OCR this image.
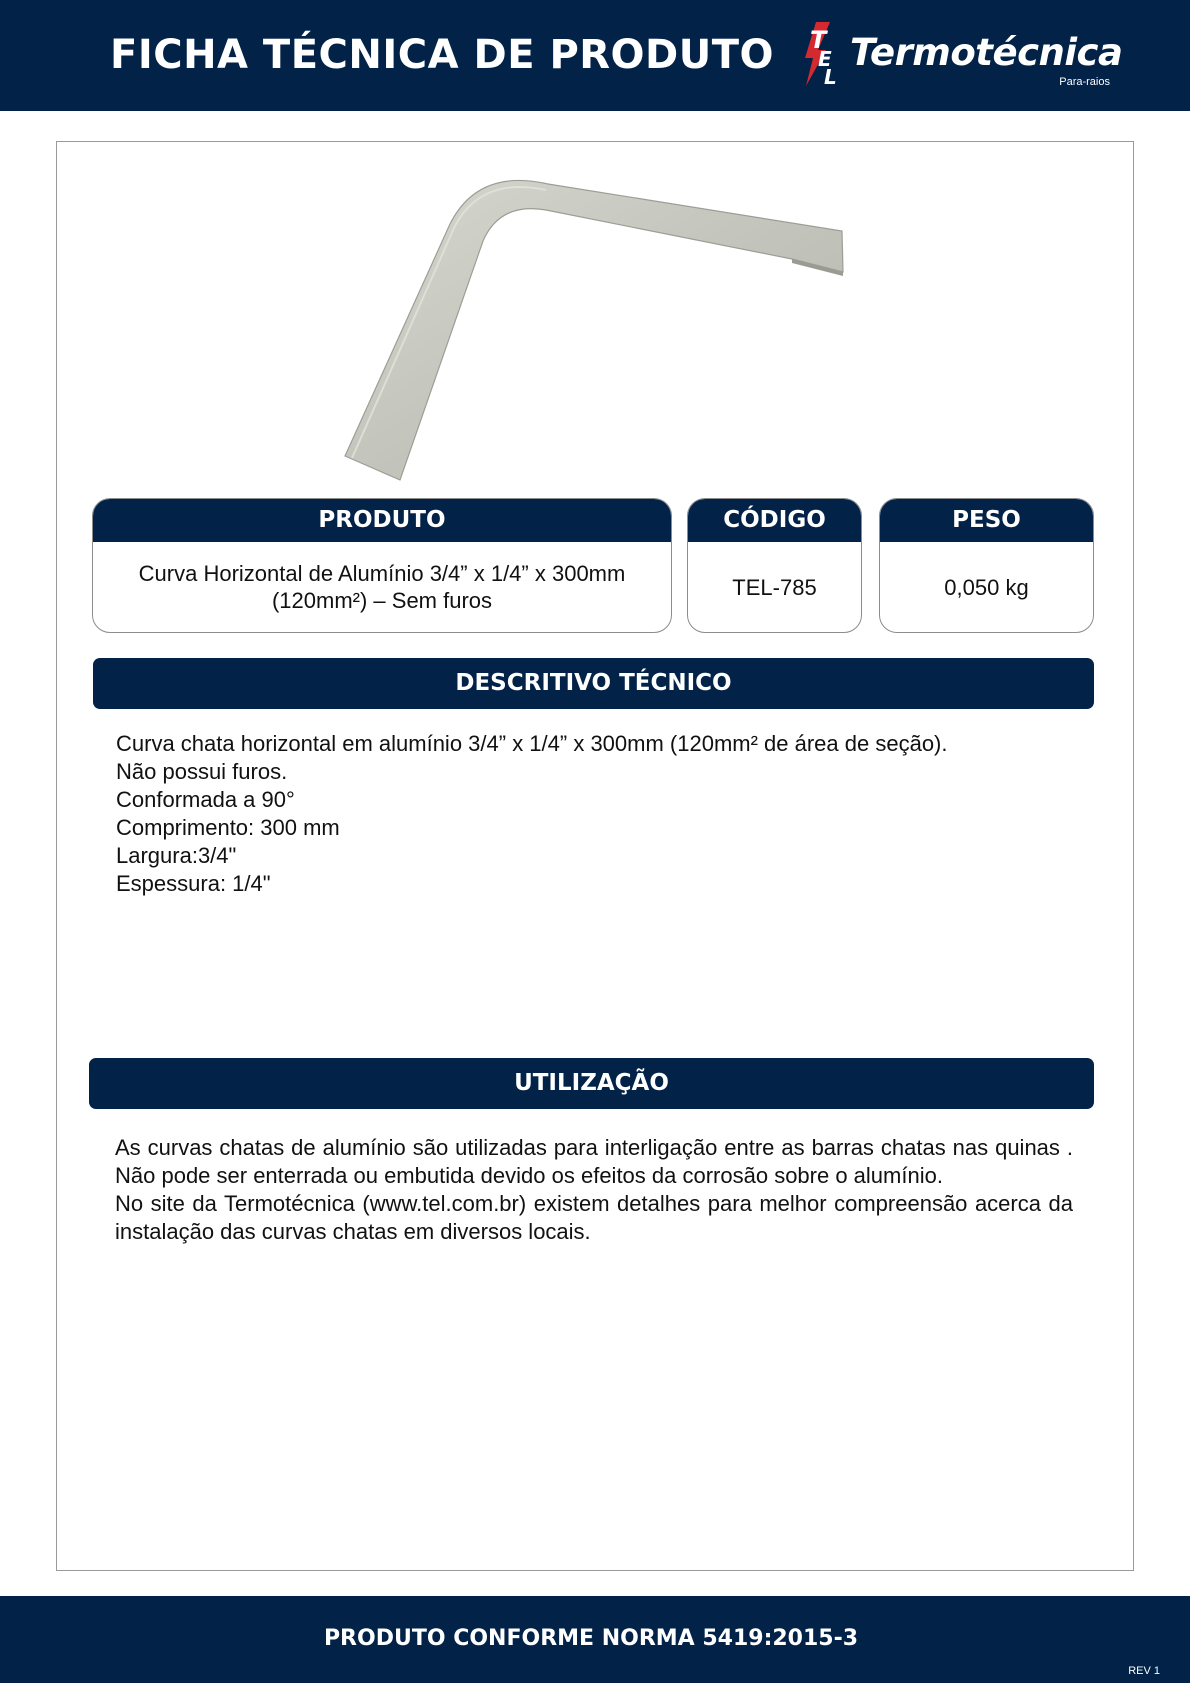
FICHA TÉCNICA DE PRODUTO T
E
L
Termotécnica
Para-raios
PRODUTO
Curva Horizontal de Alumínio 3/4” x 1/4” x 300mm
(120mm²) – Sem furos
CÓDIGO
TEL-785
PESO
0,050 kg
DESCRITIVO TÉCNICO
Curva chata horizontal em alumínio 3/4” x 1/4” x 300mm (120mm² de área de seção).
Não possui furos.
Conformada a 90°
Comprimento: 300 mm
Largura:3/4"
Espessura: 1/4"
UTILIZAÇÃO

As curvas chatas de alumínio são utilizadas para interligação entre as barras chatas nas quinas . Não pode ser enterrada ou embutida devido os efeitos da corrosão sobre o alumínio.

No site da Termotécnica (www.tel.com.br) existem detalhes para melhor compreensão acerca da instalação das curvas chatas em diversos locais.

PRODUTO CONFORME NORMA 5419:2015-3
REV 1
